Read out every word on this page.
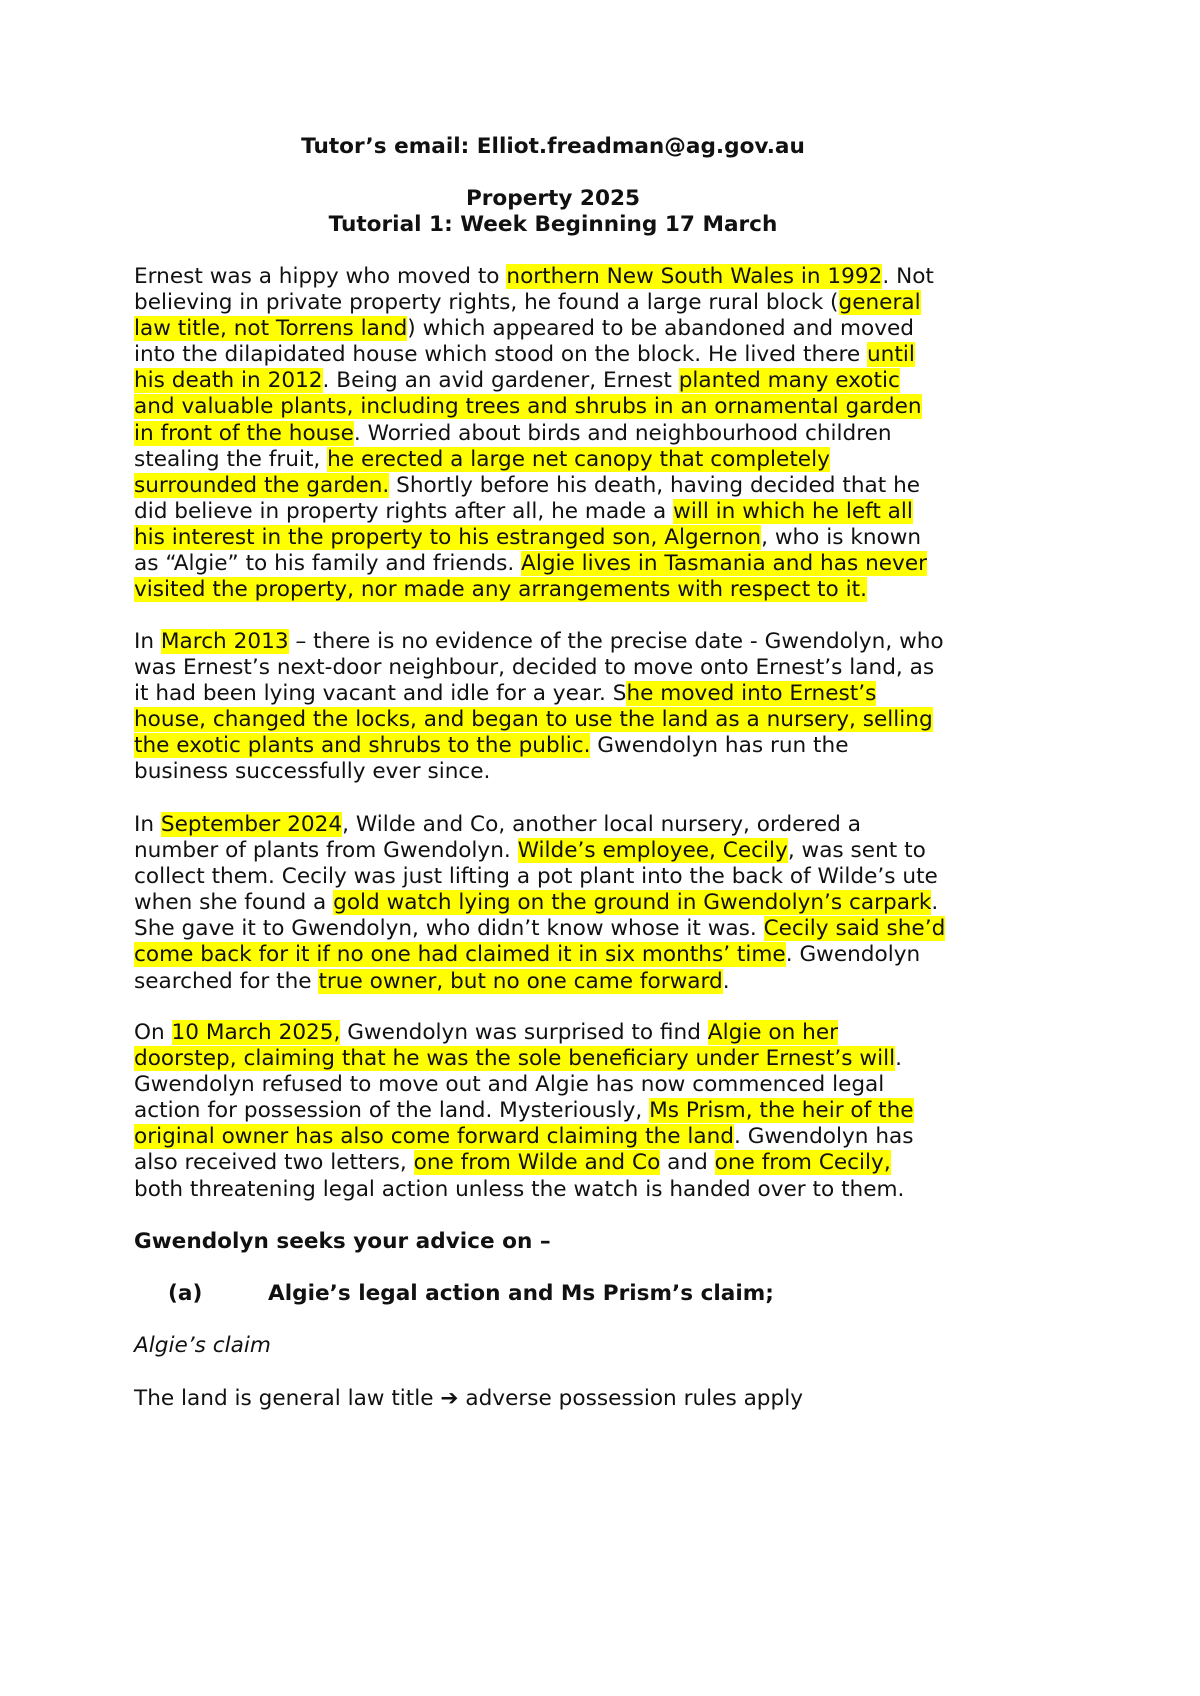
Tutor’s email: Elliot.freadman@ag.gov.au
Property 2025
Tutorial 1: Week Beginning 17 March
Ernest was a hippy who moved to northern New South Wales in 1992. Not
believing in private property rights, he found a large rural block (general
law title, not Torrens land) which appeared to be abandoned and moved
into the dilapidated house which stood on the block. He lived there until
his death in 2012. Being an avid gardener, Ernest planted many exotic
and valuable plants, including trees and shrubs in an ornamental garden
in front of the house. Worried about birds and neighbourhood children
stealing the fruit, he erected a large net canopy that completely
surrounded the garden. Shortly before his death, having decided that he
did believe in property rights after all, he made a will in which he left all
his interest in the property to his estranged son, Algernon, who is known
as “Algie” to his family and friends. Algie lives in Tasmania and has never
visited the property, nor made any arrangements with respect to it.
In March 2013 – there is no evidence of the precise date - Gwendolyn, who
was Ernest’s next-door neighbour, decided to move onto Ernest’s land, as
it had been lying vacant and idle for a year. She moved into Ernest’s
house, changed the locks, and began to use the land as a nursery, selling
the exotic plants and shrubs to the public. Gwendolyn has run the
business successfully ever since.
In September 2024, Wilde and Co, another local nursery, ordered a
number of plants from Gwendolyn. Wilde’s employee, Cecily, was sent to
collect them. Cecily was just lifting a pot plant into the back of Wilde’s ute
when she found a gold watch lying on the ground in Gwendolyn’s carpark.
She gave it to Gwendolyn, who didn’t know whose it was. Cecily said she’d
come back for it if no one had claimed it in six months’ time. Gwendolyn
searched for the true owner, but no one came forward.
On 10 March 2025, Gwendolyn was surprised to find Algie on her
doorstep, claiming that he was the sole beneficiary under Ernest’s will.
Gwendolyn refused to move out and Algie has now commenced legal
action for possession of the land. Mysteriously, Ms Prism, the heir of the
original owner has also come forward claiming the land. Gwendolyn has
also received two letters, one from Wilde and Co and one from Cecily,
both threatening legal action unless the watch is handed over to them.
Gwendolyn seeks your advice on –
(a)	Algie’s legal action and Ms Prism’s claim;
Algie’s claim
The land is general law title ➔ adverse possession rules apply
